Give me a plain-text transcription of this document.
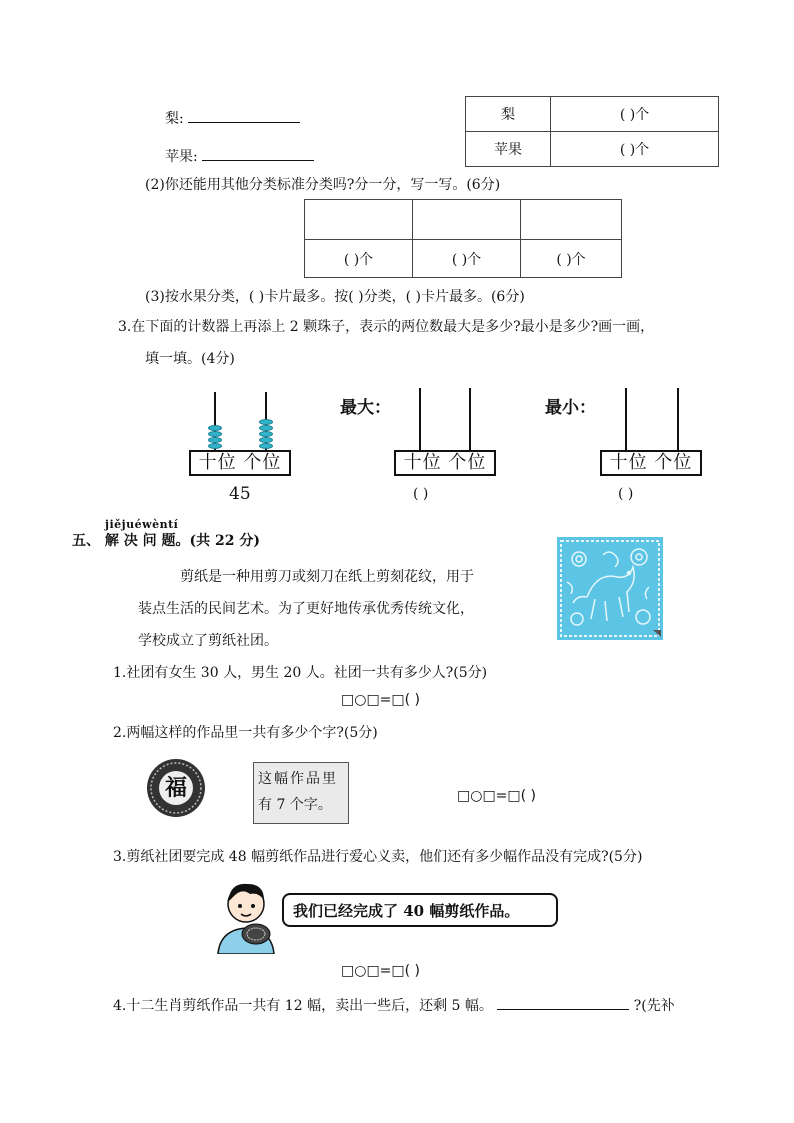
梨:
苹果:
梨	( )个
苹果	( )个
(2)你还能用其他分类标准分类吗?分一分，写一写。(6分)

( )个	( )个	( )个
(3)按水果分类，( )卡片最多。按( )分类，( )卡片最多。(6分)
3.在下面的计数器上再添上 2 颗珠子，表示的两位数最大是多少?最小是多少?画一画，
填一填。(4分)
十位 个位
45
最大：
十位 个位
( )
最小：
十位 个位
( )
jiějuéwèntí
五、 解 决 问 题。(共 22 分)
剪纸是一种用剪刀或刻刀在纸上剪刻花纹，用于
装点生活的民间艺术。为了更好地传承优秀传统文化，
学校成立了剪纸社团。
1.社团有女生 30 人，男生 20 人。社团一共有多少人?(5分)
□○□=□( )
2.两幅这样的作品里一共有多少个字?(5分)
福	这幅作品里
有 7 个字。
□○□=□( )
3.剪纸社团要完成 48 幅剪纸作品进行爱心义卖，他们还有多少幅作品没有完成?(5分)
我们已经完成了 40 幅剪纸作品。
□○□=□( )
4.十二生肖剪纸作品一共有 12 幅，卖出一些后，还剩 5 幅。	?(先补
